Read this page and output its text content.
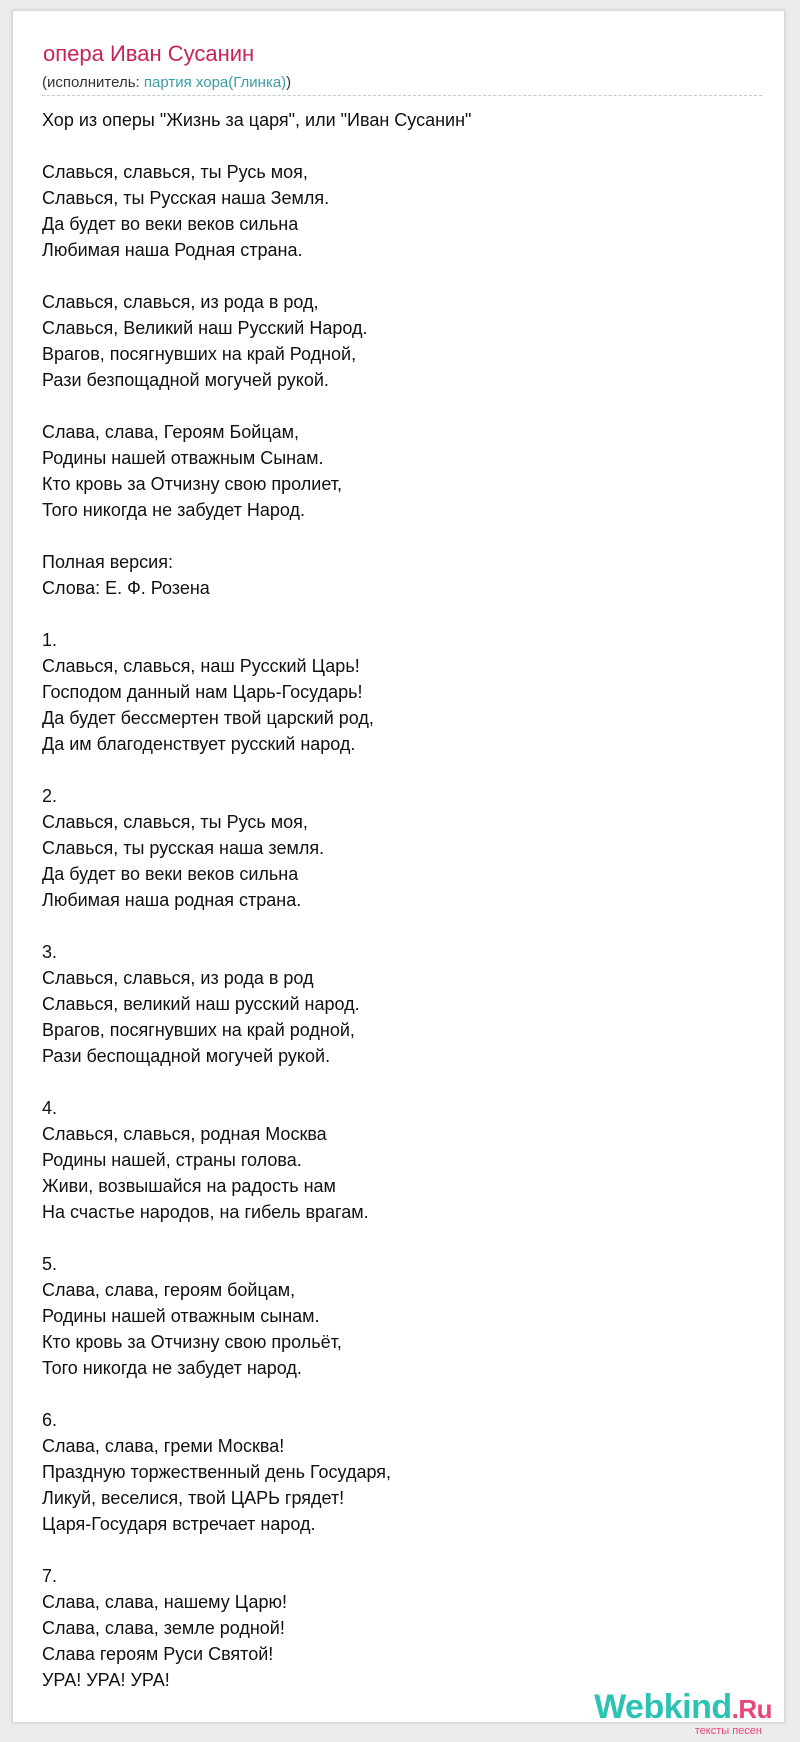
опера Иван Сусанин
(исполнитель: партия хора(Глинка))
Хор из оперы "Жизнь за царя", или "Иван Сусанин"

Славься, славься, ты Русь моя,
Славься, ты Русская наша Земля.
Да будет во веки веков сильна
Любимая наша Родная страна.

Славься, славься, из рода в род,
Славься, Великий наш Русский Народ.
Врагов, посягнувших на край Родной,
Рази безпощадной могучей рукой.

Слава, слава, Героям Бойцам,
Родины нашей отважным Сынам.
Кто кровь за Отчизну свою пролиет,
Того никогда не забудет Народ.

Полная версия:
Слова: Е. Ф. Розена

1.
Славься, славься, наш Русский Царь!
Господом данный нам Царь-Государь!
Да будет бессмертен твой царский род,
Да им благоденствует русский народ.

2.
Славься, славься, ты Русь моя,
Славься, ты русская наша земля.
Да будет во веки веков сильна
Любимая наша родная страна.

3.
Славься, славься, из рода в род
Славься, великий наш русский народ.
Врагов, посягнувших на край родной,
Рази беспощадной могучей рукой.

4.
Славься, славься, родная Москва
Родины нашей, страны голова.
Живи, возвышайся на радость нам
На счастье народов, на гибель врагам.

5.
Слава, слава, героям бойцам,
Родины нашей отважным сынам.
Кто кровь за Отчизну свою прольёт,
Того никогда не забудет народ.

6.
Слава, слава, греми Москва!
Праздную торжественный день Государя,
Ликуй, веселися, твой ЦАРЬ грядет!
Царя-Государя встречает народ.

7.
Слава, слава, нашему Царю!
Слава, слава, земле родной!
Слава героям Руси Святой!
УРА! УРА! УРА!
Webkind.Ru
тексты песен
